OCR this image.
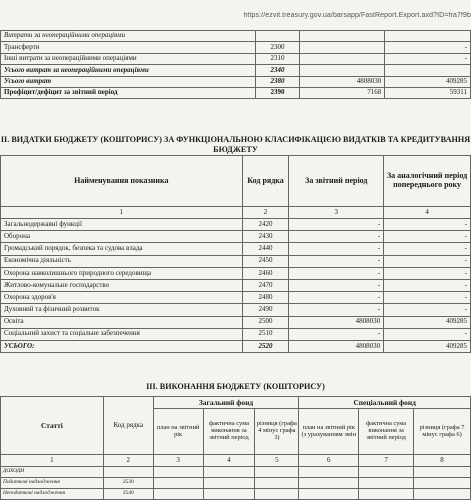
https://ezvit.treasury.gov.ua/barsapp/FastReport.Export.axd?ID=fra7f9b
Витрати за неопераційними операціями			
Трансферти	2300		-
Інші витрати за неопераційними операціями	2310		-
Усього витрат за неопераційними операціями	2340		
Усього витрат	2380	4808030	409285
Профіцит/дефіцит за звітний період	2390	7168	59311
II. ВИДАТКИ БЮДЖЕТУ (КОШТОРИСУ) ЗА ФУНКЦІОНАЛЬНОЮ КЛАСИФІКАЦІЄЮ ВИДАТКІВ ТА КРЕДИТУВАННЯ БЮДЖЕТУ
Найменування показника	Код рядка	За звітний період	За аналогічний період попереднього року
1	2	3	4
Загальнодержавні функції	2420	-	-
Оборона	2430	-	-
Громадський порядок, безпека та судова влада	2440	-	-
Економічна діяльність	2450	-	-
Охорона навколишнього природного середовища	2460	-	-
Житлово-комунальне господарство	2470	-	-
Охорона здоров'я	2480	-	-
Духовний та фізичний розвиток	2490	-	-
Освіта	2500	4808030	409285
Соціальний захист та соціальне забезпечення	2510	-	-
УСЬОГО:	2520	4808030	409285
III. ВИКОНАННЯ БЮДЖЕТУ (КОШТОРИСУ)
Статті	Код рядка	Загальний фонд			Спеціальний фонд		
		план на звітний рік	фактична сума виконання за звітний період	різниця (графа 4 мінус графа 3)	план на звітний рік (з урахуванням змін	фактична сума виконання за звітний період	різниця (графа 7 мінус графа 6)
1	2	3	4	5	6	7	8
ДОХОДИ							
Податкові надходження	2530						
Неподаткові надходження	2540						
